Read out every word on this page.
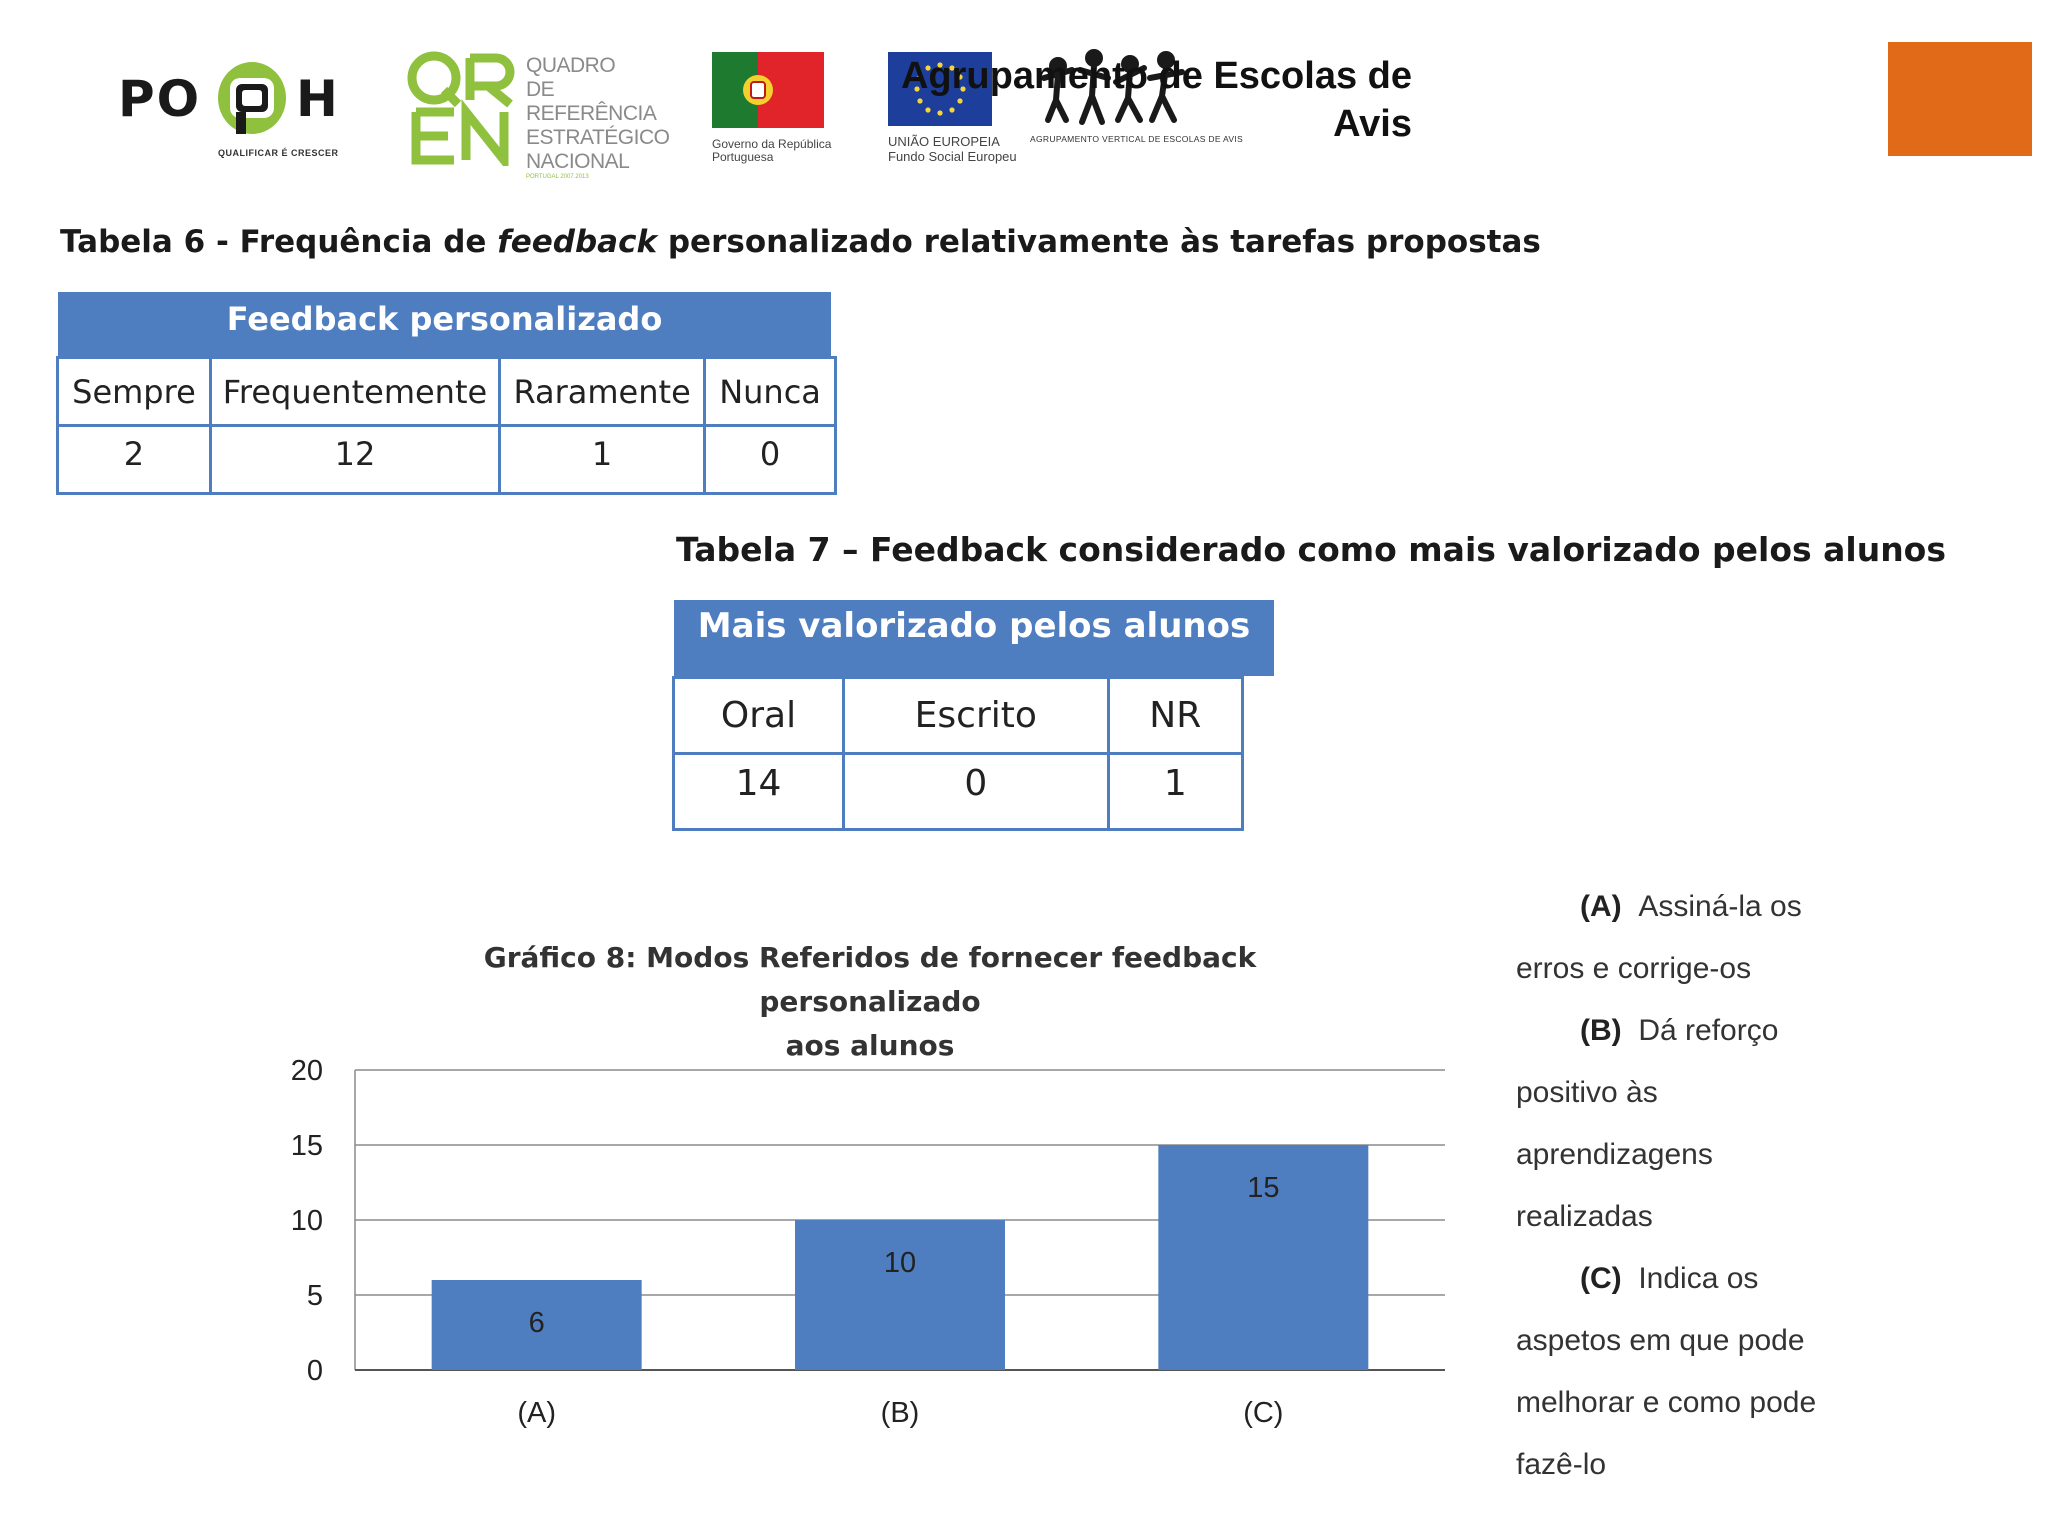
PO H
QUALIFICAR É CRESCER
QUADRO
DE REFERÊNCIA
ESTRATÉGICO
NACIONAL
PORTUGAL 2007.2013
Governo da República
Portuguesa
UNIÃO EUROPEIA
Fundo Social Europeu
AGRUPAMENTO VERTICAL DE ESCOLAS DE AVIS
Agrupamento de Escolas de
Avis
Tabela 6 - Frequência de feedback personalizado relativamente às tarefas propostas
Feedback personalizado
Sempre	Frequentemente	Raramente	Nunca
2	12	1	0
Tabela 7 – Feedback considerado como mais valorizado pelos alunos
Mais valorizado pelos alunos
Oral	Escrito	NR
14	0	1
Gráfico 8: Modos Referidos de fornecer feedback personalizado
aos alunos
0
5
10
15
20
6
(A)
10
(B)
15
(C)
(A) Assiná-la os
erros e corrige-os
(B) Dá reforço
positivo às
aprendizagens
realizadas
(C) Indica os
aspetos em que pode
melhorar e como pode
fazê-lo
